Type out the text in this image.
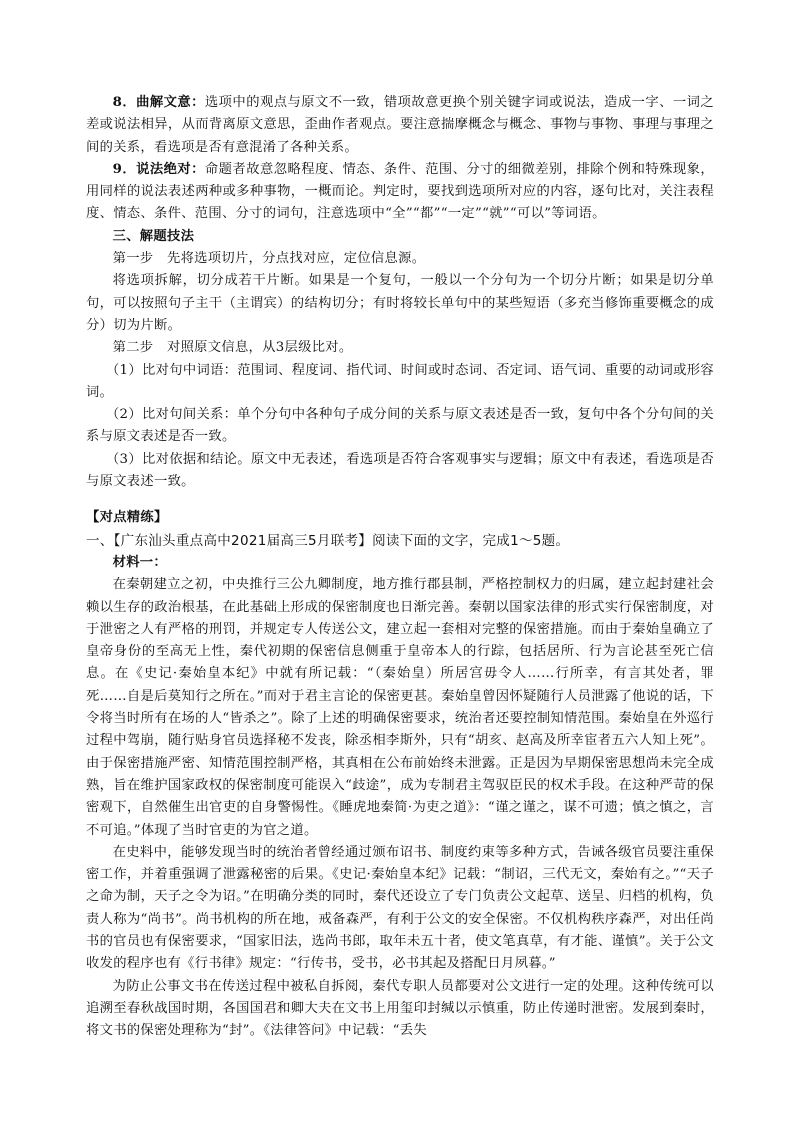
8．曲解文意：选项中的观点与原文不一致，错项故意更换个别关键字词或说法，造成一字、一词之差或说法相异，从而背离原文意思，歪曲作者观点。要注意揣摩概念与概念、事物与事物、事理与事理之间的关系，看选项是否有意混淆了各种关系。

9．说法绝对：命题者故意忽略程度、情态、条件、范围、分寸的细微差别，排除个例和特殊现象，用同样的说法表述两种或多种事物，一概而论。判定时，要找到选项所对应的内容，逐句比对，关注表程度、情态、条件、范围、分寸的词句，注意选项中“全”“都”“一定”“就”“可以”等词语。

三、解题技法

第一步　先将选项切片，分点找对应，定位信息源。

将选项拆解，切分成若干片断。如果是一个复句，一般以一个分句为一个切分片断；如果是切分单句，可以按照句子主干（主谓宾）的结构切分；有时将较长单句中的某些短语（多充当修饰重要概念的成分）切为片断。

第二步　对照原文信息，从3层级比对。

（1）比对句中词语：范围词、程度词、指代词、时间或时态词、否定词、语气词、重要的动词或形容词。

（2）比对句间关系：单个分句中各种句子成分间的关系与原文表述是否一致，复句中各个分句间的关系与原文表述是否一致。

（3）比对依据和结论。原文中无表述，看选项是否符合客观事实与逻辑；原文中有表述，看选项是否与原文表述一致。

【对点精练】

一、【广东汕头重点高中2021届高三5月联考】阅读下面的文字，完成1～5题。

材料一：

在秦朝建立之初，中央推行三公九卿制度，地方推行郡县制，严格控制权力的归属，建立起封建社会赖以生存的政治根基，在此基础上形成的保密制度也日渐完善。秦朝以国家法律的形式实行保密制度，对于泄密之人有严格的刑罚，并规定专人传送公文，建立起一套相对完整的保密措施。而由于秦始皇确立了皇帝身份的至高无上性，秦代初期的保密信息侧重于皇帝本人的行踪，包括居所、行为言论甚至死亡信息。在《史记·秦始皇本纪》中就有所记载：“（秦始皇）所居宫毋令人……行所幸，有言其处者，罪死……自是后莫知行之所在。”而对于君主言论的保密更甚。秦始皇曾因怀疑随行人员泄露了他说的话，下令将当时所有在场的人“皆杀之”。除了上述的明确保密要求，统治者还要控制知情范围。秦始皇在外巡行过程中驾崩，随行贴身官员选择秘不发丧，除丞相李斯外，只有“胡亥、赵高及所幸宦者五六人知上死”。由于保密措施严密、知情范围控制严格，其真相在公布前始终未泄露。正是因为早期保密思想尚未完全成熟，旨在维护国家政权的保密制度可能误入“歧途”，成为专制君主驾驭臣民的权术手段。在这种严苛的保密观下，自然催生出官吏的自身警惕性。《睡虎地秦简·为吏之道》：“谨之谨之，谋不可遗；慎之慎之，言不可追。”体现了当时官吏的为官之道。

在史料中，能够发现当时的统治者曾经通过颁布诏书、制度约束等多种方式，告诫各级官员要注重保密工作，并着重强调了泄露秘密的后果。《史记·秦始皇本纪》记载：“制诏，三代无文，秦始有之。”“天子之命为制，天子之令为诏。”在明确分类的同时，秦代还设立了专门负责公文起草、送呈、归档的机构，负责人称为“尚书”。尚书机构的所在地，戒备森严，有利于公文的安全保密。不仅机构秩序森严，对出任尚书的官员也有保密要求，“国家旧法，选尚书郎，取年未五十者，使文笔真草，有才能、谨慎”。关于公文收发的程序也有《行书律》规定：“行传书，受书，必书其起及搭配日月夙暮。”

为防止公事文书在传送过程中被私自拆阅，秦代专职人员都要对公文进行一定的处理。这种传统可以追溯至春秋战国时期，各国国君和卿大夫在文书上用玺印封缄以示慎重，防止传递时泄密。发展到秦时，将文书的保密处理称为“封”。《法律答问》中记载：“丢失
